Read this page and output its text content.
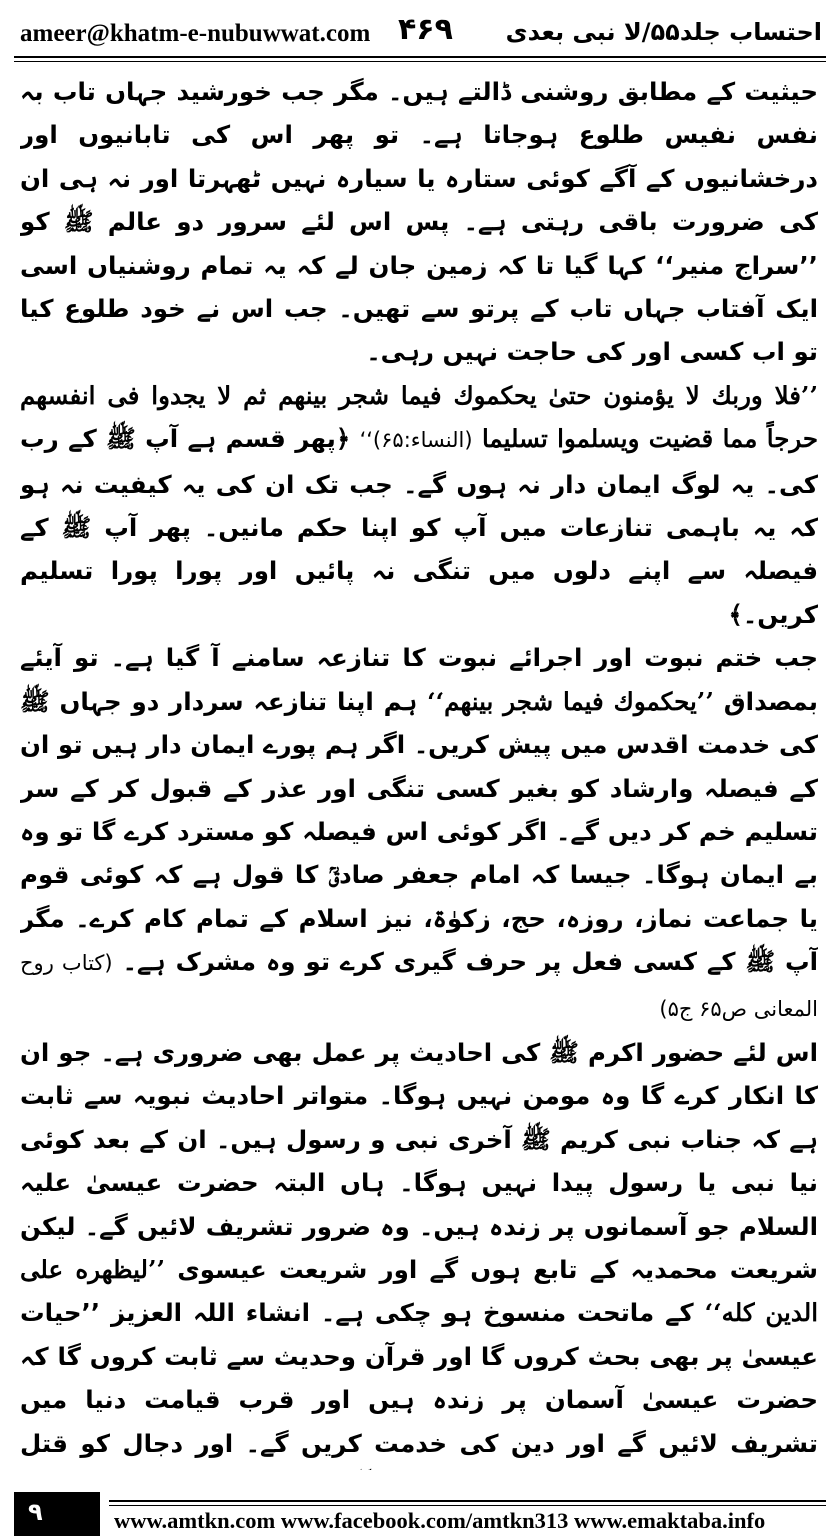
ameer@khatm-e-nubuwwat.com ۴۶۹ احتساب جلد۵۵/لا نبی بعدی

حیثیت کے مطابق روشنی ڈالتے ہیں۔ مگر جب خورشید جہاں تاب بہ نفس نفیس طلوع ہوجاتا ہے۔ تو پھر اس کی تابانیوں اور درخشانیوں کے آگے کوئی ستارہ یا سیارہ نہیں ٹھہرتا اور نہ ہی ان کی ضرورت باقی رہتی ہے۔ پس اس لئے سرور دو عالم ﷺ کو ’’سراج منیر‘‘ کہا گیا تا کہ زمین جان لے کہ یہ تمام روشنیاں اسی ایک آفتاب جہاں تاب کے پرتو سے تھیں۔ جب اس نے خود طلوع کیا تو اب کسی اور کی حاجت نہیں رہی۔

’’فلا وربك لا يؤمنون حتىٰ يحكموك فيما شجر بينهم ثم لا يجدوا فى انفسهم حرجاً مما قضيت ويسلموا تسليما (النساء:۶۵)‘‘ ﴿پھر قسم ہے آپ ﷺ کے رب کی۔ یہ لوگ ایمان دار نہ ہوں گے۔ جب تک ان کی یہ کیفیت نہ ہو کہ یہ باہمی تنازعات میں آپ کو اپنا حکم مانیں۔ پھر آپ ﷺ کے فیصلہ سے اپنے دلوں میں تنگی نہ پائیں اور پورا پورا تسلیم کریں۔﴾

جب ختم نبوت اور اجرائے نبوت کا تنازعہ سامنے آ گیا ہے۔ تو آیئے بمصداق ’’يحكموك فيما شجر بينهم‘‘ ہم اپنا تنازعہ سردار دو جہاں ﷺ کی خدمت اقدس میں پیش کریں۔ اگر ہم پورے ایمان دار ہیں تو ان کے فیصلہ وارشاد کو بغیر کسی تنگی اور عذر کے قبول کر کے سر تسلیم خم کر دیں گے۔ اگر کوئی اس فیصلہ کو مسترد کرے گا تو وہ بے ایمان ہوگا۔ جیسا کہ امام جعفر صادقؒ کا قول ہے کہ کوئی قوم یا جماعت نماز، روزہ، حج، زکوٰۃ، نیز اسلام کے تمام کام کرے۔ مگر آپ ﷺ کے کسی فعل پر حرف گیری کرے تو وہ مشرک ہے۔ (کتاب روح المعانی ص۶۵ ج۵)

اس لئے حضور اکرم ﷺ کی احادیث پر عمل بھی ضروری ہے۔ جو ان کا انکار کرے گا وہ مومن نہیں ہوگا۔ متواتر احادیث نبویہ سے ثابت ہے کہ جناب نبی کریم ﷺ آخری نبی و رسول ہیں۔ ان کے بعد کوئی نیا نبی یا رسول پیدا نہیں ہوگا۔ ہاں البتہ حضرت عیسیٰ علیہ السلام جو آسمانوں پر زندہ ہیں۔ وہ ضرور تشریف لائیں گے۔ لیکن شریعت محمدیہ کے تابع ہوں گے اور شریعت عیسوی ’’ليظهره على الدين كله‘‘ کے ماتحت منسوخ ہو چکی ہے۔ انشاء اللہ العزیز ’’حیات عیسیٰ پر بھی بحث کروں گا اور قرآن وحدیث سے ثابت کروں گا کہ حضرت عیسیٰ آسمان پر زندہ ہیں اور قرب قیامت دنیا میں تشریف لائیں گے اور دین کی خدمت کریں گے۔ اور دجال کو قتل

۹	www.amtkn.com www.facebook.com/amtkn313 www.emaktaba.info
